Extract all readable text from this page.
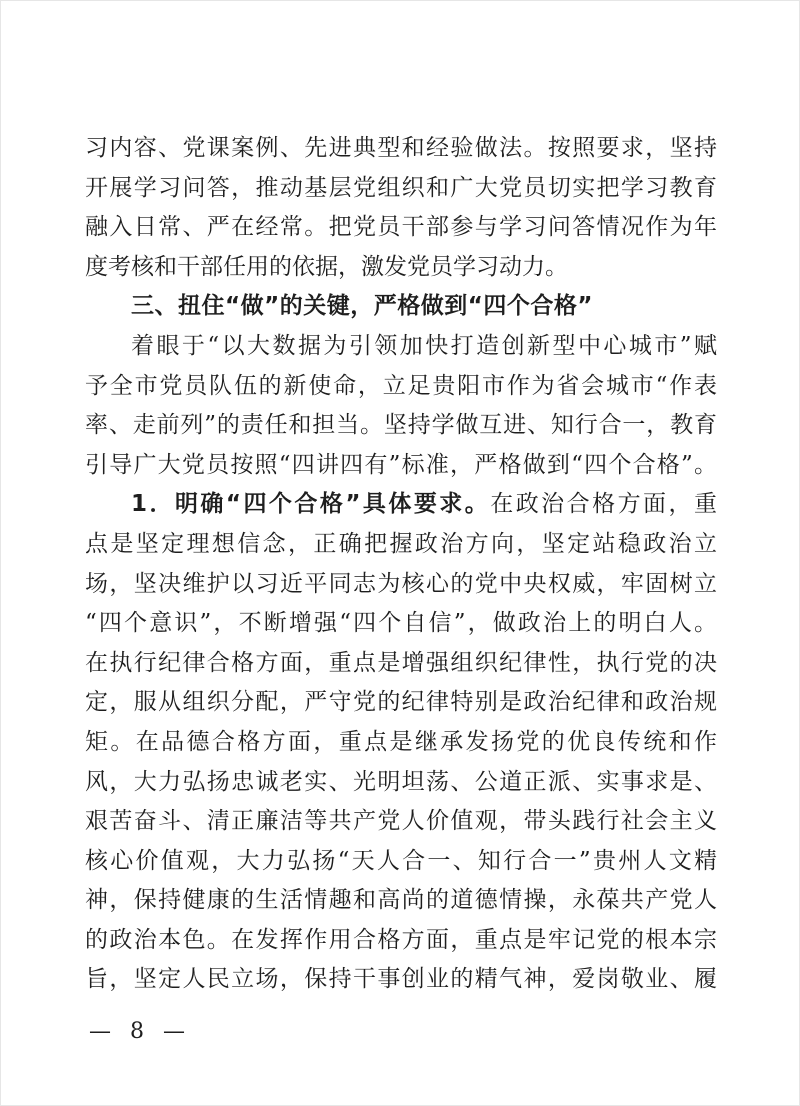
习内容、党课案例、先进典型和经验做法。按照要求，坚持
开展学习问答，推动基层党组织和广大党员切实把学习教育
融入日常、严在经常。把党员干部参与学习问答情况作为年
度考核和干部任用的依据，激发党员学习动力。
三、扭住“做”的关键，严格做到“四个合格”
着眼于“以大数据为引领加快打造创新型中心城市”赋
予全市党员队伍的新使命，立足贵阳市作为省会城市“作表
率、走前列”的责任和担当。坚持学做互进、知行合一，教育
引导广大党员按照“四讲四有”标准，严格做到“四个合格”。
1．明确“四个合格”具体要求。在政治合格方面，重
点是坚定理想信念，正确把握政治方向，坚定站稳政治立
场，坚决维护以习近平同志为核心的党中央权威，牢固树立
“四个意识”，不断增强“四个自信”，做政治上的明白人。
在执行纪律合格方面，重点是增强组织纪律性，执行党的决
定，服从组织分配，严守党的纪律特别是政治纪律和政治规
矩。在品德合格方面，重点是继承发扬党的优良传统和作
风，大力弘扬忠诚老实、光明坦荡、公道正派、实事求是、
艰苦奋斗、清正廉洁等共产党人价值观，带头践行社会主义
核心价值观，大力弘扬“天人合一、知行合一”贵州人文精
神，保持健康的生活情趣和高尚的道德情操，永葆共产党人
的政治本色。在发挥作用合格方面，重点是牢记党的根本宗
旨，坚定人民立场，保持干事创业的精气神，爱岗敬业、履
— 8 —
